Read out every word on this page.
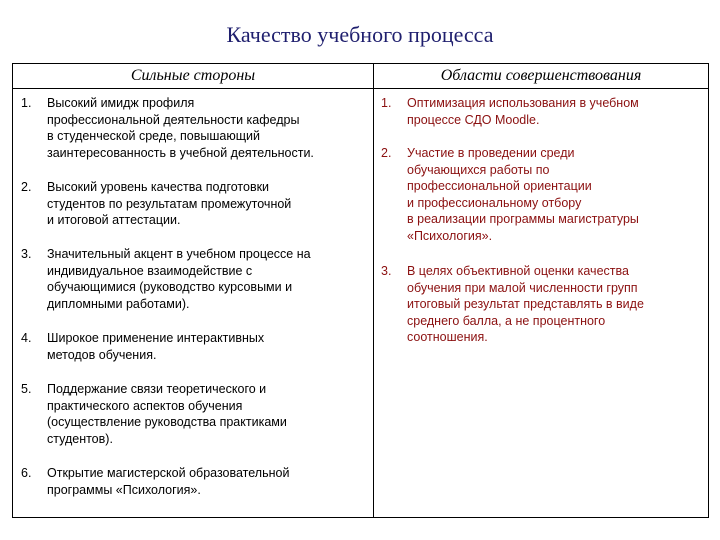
Качество учебного процесса
Сильные стороны	Области совершенствования
1. Высокий имидж профиля
профессиональной деятельности кафедры
в студенческой среде, повышающий
заинтересованность в учебной деятельности.
2. Высокий уровень качества подготовки
студентов по результатам промежуточной
и итоговой аттестации.
3. Значительный акцент в учебном процессе на
индивидуальное взаимодействие с
обучающимися (руководство курсовыми и
дипломными работами).
4. Широкое применение интерактивных
методов обучения.
5. Поддержание связи теоретического и
практического аспектов обучения
(осуществление руководства практиками
студентов).
6. Открытие магистерской образовательной
программы «Психология».
1. Оптимизация использования в учебном
процессе СДО Moodle.
2. Участие в проведении среди
обучающихся работы по
профессиональной ориентации
и профессиональному отбору
в реализации программы магистратуры
«Психология».
3. В целях объективной оценки качества
обучения при малой численности групп
итоговый результат представлять в виде
среднего балла, а не процентного
соотношения.
